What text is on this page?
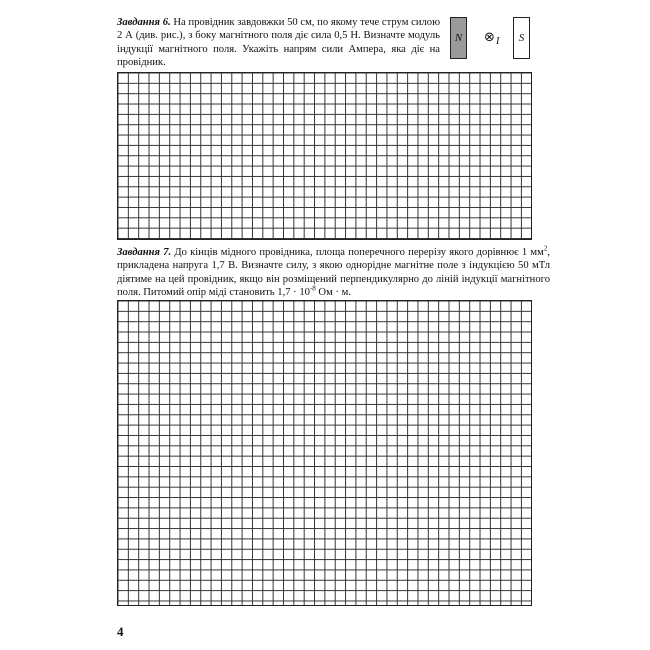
Завдання 6. На провідник завдовжки 50 см, по якому тече струм силою 2 А (див. рис.), з боку магнітного поля діє сила 0,5 Н. Визначте модуль індукції магнітного поля. Укажіть напрям сили Ампера, яка діє на провідник.
N ⊗ I S
Завдання 7. До кінців мідного провідника, площа поперечного перерізу якого дорівнює 1 $мм^2$, прикладена напруга 1,7 В. Визначте силу, з якою однорідне магнітне поле з індукцією 50 мТл діятиме на цей провідник, якщо він розміщений перпендикулярно до ліній індукції магнітного поля. Питомий опір міді становить $1,7 \cdot 10^{-8}$ Ом · м.
4
